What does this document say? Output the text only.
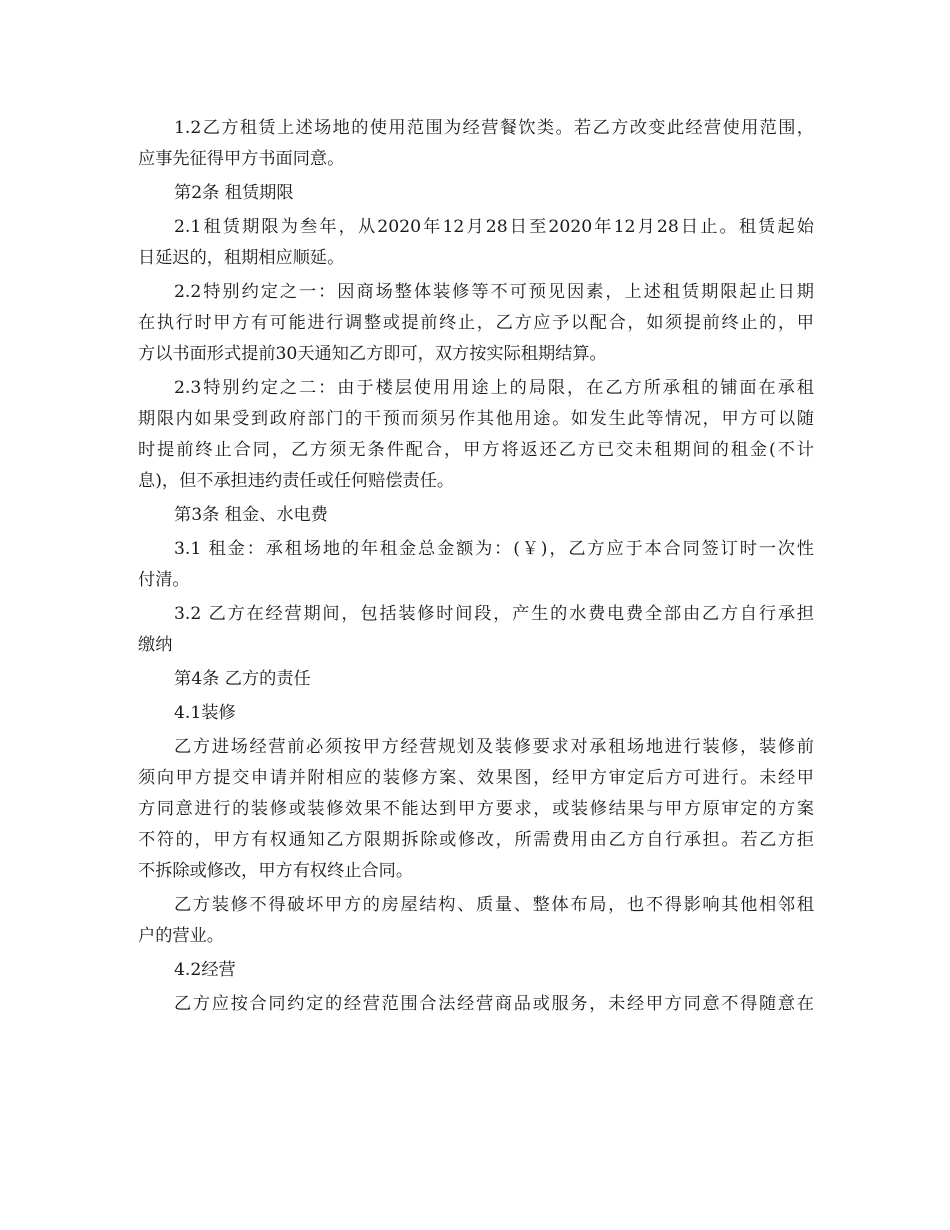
1.2乙方租赁上述场地的使用范围为经营餐饮类。若乙方改变此经营使用范围，
应事先征得甲方书面同意。
第2条 租赁期限
2.1租赁期限为叁年，从2020年12月28日至2020年12月28日止。租赁起始
日延迟的，租期相应顺延。
2.2特别约定之一：因商场整体装修等不可预见因素，上述租赁期限起止日期
在执行时甲方有可能进行调整或提前终止，乙方应予以配合，如须提前终止的，甲
方以书面形式提前30天通知乙方即可，双方按实际租期结算。
2.3特别约定之二：由于楼层使用用途上的局限，在乙方所承租的铺面在承租
期限内如果受到政府部门的干预而须另作其他用途。如发生此等情况，甲方可以随
时提前终止合同，乙方须无条件配合，甲方将返还乙方已交未租期间的租金(不计
息)，但不承担违约责任或任何赔偿责任。
第3条 租金、水电费
3.1 租金：承租场地的年租金总金额为：(￥)，乙方应于本合同签订时一次性
付清。
3.2 乙方在经营期间，包括装修时间段，产生的水费电费全部由乙方自行承担
缴纳
第4条 乙方的责任
4.1装修
乙方进场经营前必须按甲方经营规划及装修要求对承租场地进行装修，装修前
须向甲方提交申请并附相应的装修方案、效果图，经甲方审定后方可进行。未经甲
方同意进行的装修或装修效果不能达到甲方要求，或装修结果与甲方原审定的方案
不符的，甲方有权通知乙方限期拆除或修改，所需费用由乙方自行承担。若乙方拒
不拆除或修改，甲方有权终止合同。
乙方装修不得破坏甲方的房屋结构、质量、整体布局，也不得影响其他相邻租
户的营业。
4.2经营
乙方应按合同约定的经营范围合法经营商品或服务，未经甲方同意不得随意在
